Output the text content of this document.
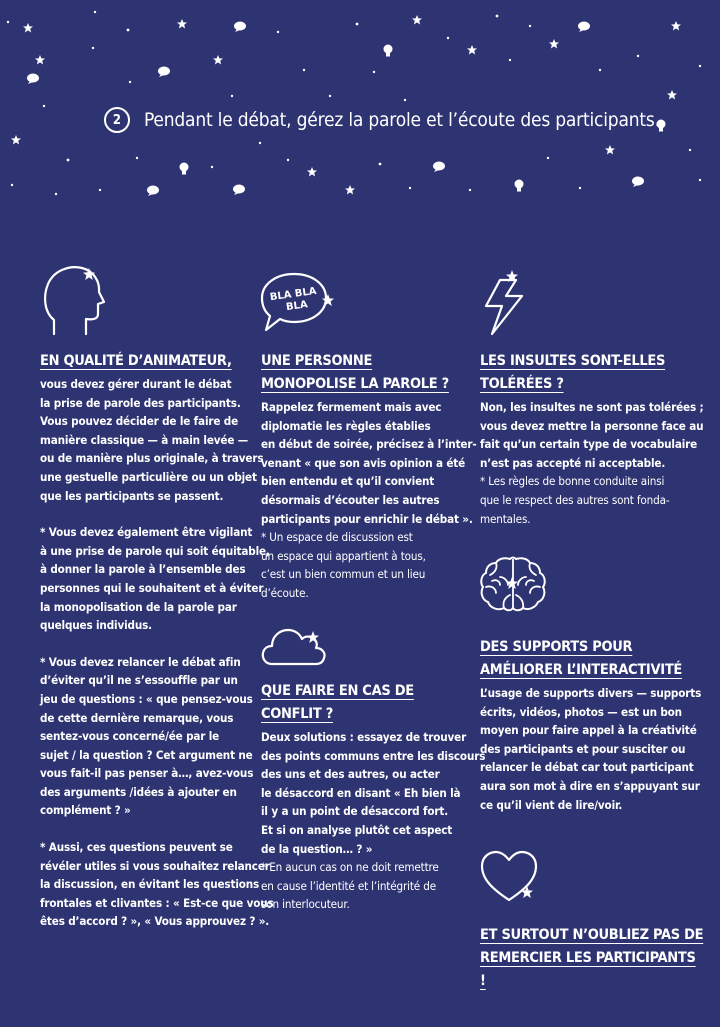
2	Pendant le débat, gérez la parole et l’écoute des participants.
BLA BLA
BLA
EN QUALITÉ D’ANIMATEUR,
vous devez gérer durant le débat
la prise de parole des participants.
Vous pouvez décider de le faire de
manière classique — à main levée —
ou de manière plus originale, à travers
une gestuelle particulière ou un objet
que les participants se passent.
* Vous devez également être vigilant
à une prise de parole qui soit équitable,
à donner la parole à l’ensemble des
personnes qui le souhaitent et à éviter
la monopolisation de la parole par
quelques individus.
* Vous devez relancer le débat afin
d’éviter qu’il ne s’essouffle par un
jeu de questions : « que pensez-vous
de cette dernière remarque, vous
sentez-vous concerné/ée par le
sujet / la question ? Cet argument ne
vous fait-il pas penser à…, avez-vous
des arguments /idées à ajouter en
complément ? »
* Aussi, ces questions peuvent se
révéler utiles si vous souhaitez relancer
la discussion, en évitant les questions
frontales et clivantes : « Est-ce que vous
êtes d’accord ? », « Vous approuvez ? ».
UNE PERSONNE
MONOPOLISE LA PAROLE ?
Rappelez fermement mais avec
diplomatie les règles établies
en début de soirée, précisez à l’inter-
venant « que son avis opinion a été
bien entendu et qu’il convient
désormais d’écouter les autres
participants pour enrichir le débat ».
* Un espace de discussion est
un espace qui appartient à tous,
c’est un bien commun et un lieu
d’écoute.
QUE FAIRE EN CAS DE
CONFLIT ?
Deux solutions : essayez de trouver
des points communs entre les discours
des uns et des autres, ou acter
le désaccord en disant « Eh bien là
il y a un point de désaccord fort.
Et si on analyse plutôt cet aspect
de la question… ? »
* En aucun cas on ne doit remettre
en cause l’identité et l’intégrité de
son interlocuteur.
LES INSULTES SONT-ELLES
TOLÉRÉES ?
Non, les insultes ne sont pas tolérées ;
vous devez mettre la personne face au
fait qu’un certain type de vocabulaire
n’est pas accepté ni acceptable.
* Les règles de bonne conduite ainsi
que le respect des autres sont fonda-
mentales.
DES SUPPORTS POUR
AMÉLIORER L’INTERACTIVITÉ
L’usage de supports divers — supports
écrits, vidéos, photos — est un bon
moyen pour faire appel à la créativité
des participants et pour susciter ou
relancer le débat car tout participant
aura son mot à dire en s’appuyant sur
ce qu’il vient de lire/voir.
ET SURTOUT N’OUBLIEZ PAS DE
REMERCIER LES PARTICIPANTS !
